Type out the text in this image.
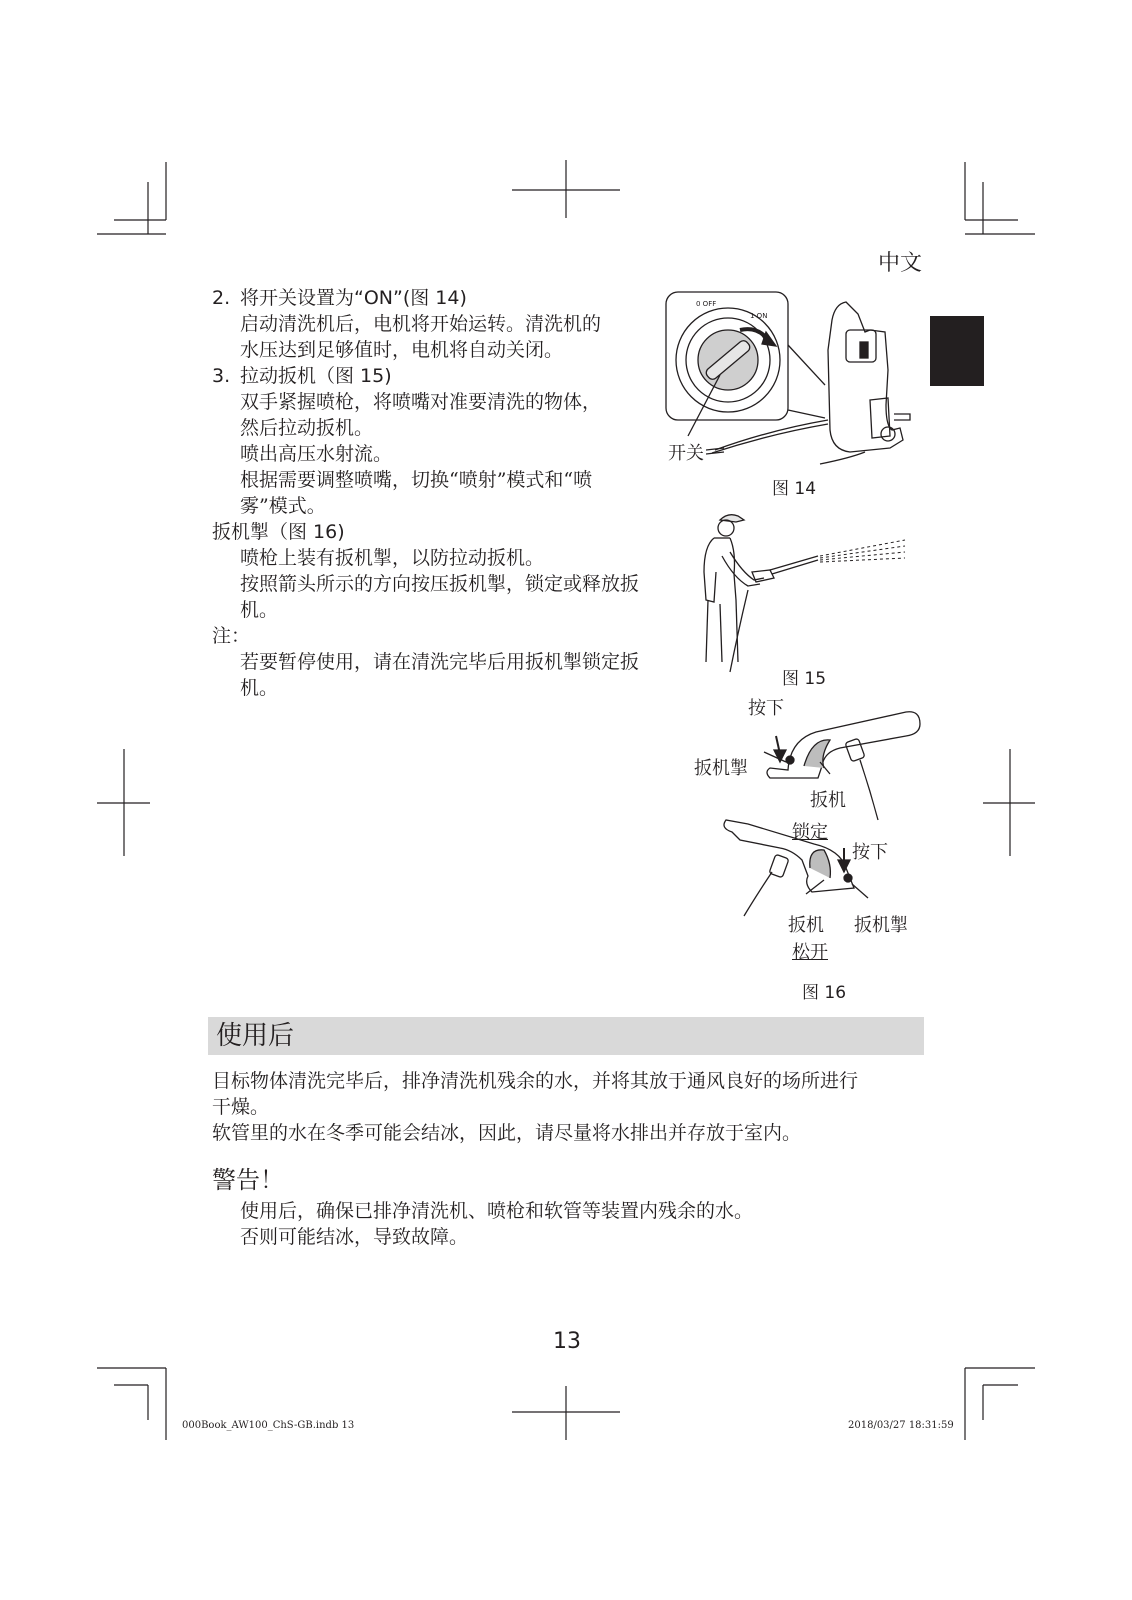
中文
2. 将开关设置为“ON”(图 14)
启动清洗机后，电机将开始运转。清洗机的
水压达到足够值时，电机将自动关闭。
3. 拉动扳机（图 15)
双手紧握喷枪，将喷嘴对准要清洗的物体，
然后拉动扳机。
喷出高压水射流。
根据需要调整喷嘴，切换“喷射”模式和“喷
雾”模式。
扳机掣（图 16)
喷枪上装有扳机掣，以防拉动扳机。
按照箭头所示的方向按压扳机掣，锁定或释放扳
机。
注：
若要暂停使用，请在清洗完毕后用扳机掣锁定扳
机。
0 OFF
1 ON
开关
图 14
图 15
按下
扳机掣
扳机
锁定
按下
扳机 扳机掣
松开
图 16
使用后
目标物体清洗完毕后，排净清洗机残余的水，并将其放于通风良好的场所进行
干燥。
软管里的水在冬季可能会结冰，因此，请尽量将水排出并存放于室内。
警告！
使用后，确保已排净清洗机、喷枪和软管等装置内残余的水。
否则可能结冰，导致故障。
13
000Book_AW100_ChS-GB.indb 13	2018/03/27 18:31:59
